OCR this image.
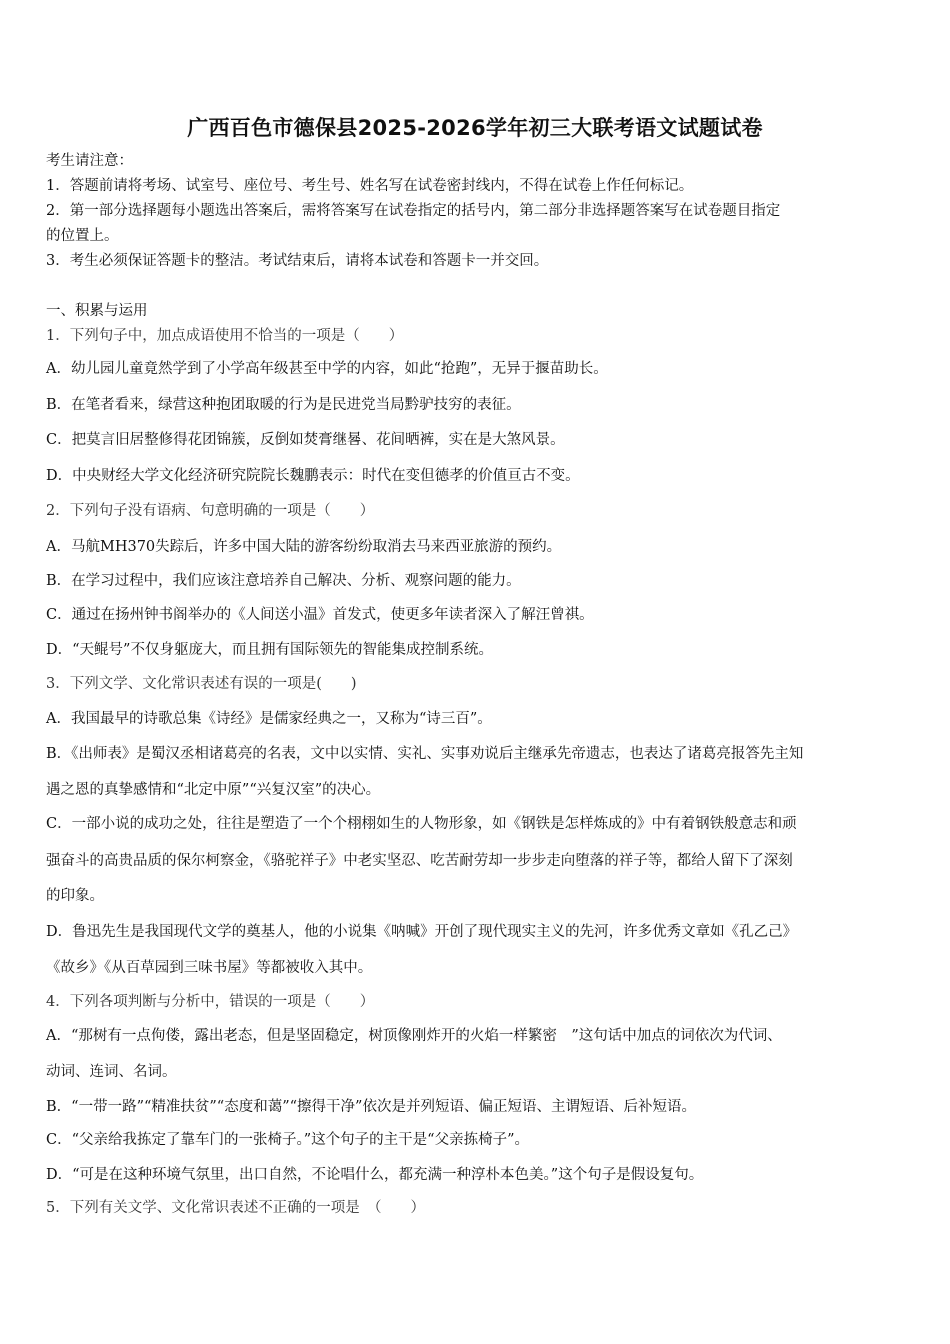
广西百色市德保县2025-2026学年初三大联考语文试题试卷
考生请注意：
1．答题前请将考场、试室号、座位号、考生号、姓名写在试卷密封线内，不得在试卷上作任何标记。
2．第一部分选择题每小题选出答案后，需将答案写在试卷指定的括号内，第二部分非选择题答案写在试卷题目指定
的位置上。
3．考生必须保证答题卡的整洁。考试结束后，请将本试卷和答题卡一并交回。
一、积累与运用
1．下列句子中，加点成语使用不恰当的一项是（　　）
A．幼儿园儿童竟然学到了小学高年级甚至中学的内容，如此“抢跑”，无异于揠苗助长。
B．在笔者看来，绿营这种抱团取暖的行为是民进党当局黔驴技穷的表征。
C．把莫言旧居整修得花团锦簇，反倒如焚膏继晷、花间晒裤，实在是大煞风景。
D．中央财经大学文化经济研究院院长魏鹏表示：时代在变但德孝的价值亘古不变。
2．下列句子没有语病、句意明确的一项是（　　）
A．马航MH370失踪后，许多中国大陆的游客纷纷取消去马来西亚旅游的预约。
B．在学习过程中，我们应该注意培养自己解决、分析、观察问题的能力。
C．通过在扬州钟书阁举办的《人间送小温》首发式，使更多年读者深入了解汪曾祺。
D．“天鲲号”不仅身躯庞大，而且拥有国际领先的智能集成控制系统。
3．下列文学、文化常识表述有误的一项是(　　)
A．我国最早的诗歌总集《诗经》是儒家经典之一，又称为“诗三百”。
B．《出师表》是蜀汉丞相诸葛亮的名表，文中以实情、实礼、实事劝说后主继承先帝遗志，也表达了诸葛亮报答先主知
遇之恩的真挚感情和“北定中原”“兴复汉室”的决心。
C．一部小说的成功之处，往往是塑造了一个个栩栩如生的人物形象，如《钢铁是怎样炼成的》中有着钢铁般意志和顽
强奋斗的高贵品质的保尔柯察金，《骆驼祥子》中老实坚忍、吃苦耐劳却一步步走向堕落的祥子等，都给人留下了深刻
的印象。
D．鲁迅先生是我国现代文学的奠基人，他的小说集《呐喊》开创了现代现实主义的先河，许多优秀文章如《孔乙己》
《故乡》《从百草园到三味书屋》等都被收入其中。
4．下列各项判断与分析中，错误的一项是（　　）
A．“那树有一点佝偻，露出老态，但是坚固稳定，树顶像刚炸开的火焰一样繁密　”这句话中加点的词依次为代词、
动词、连词、名词。
B．“一带一路”“精准扶贫”“态度和蔼”“擦得干净”依次是并列短语、偏正短语、主谓短语、后补短语。
C．“父亲给我拣定了靠车门的一张椅子。”这个句子的主干是“父亲拣椅子”。
D．“可是在这种环境气氛里，出口自然，不论唱什么，都充满一种淳朴本色美。”这个句子是假设复句。
5．下列有关文学、文化常识表述不正确的一项是　（　　）
